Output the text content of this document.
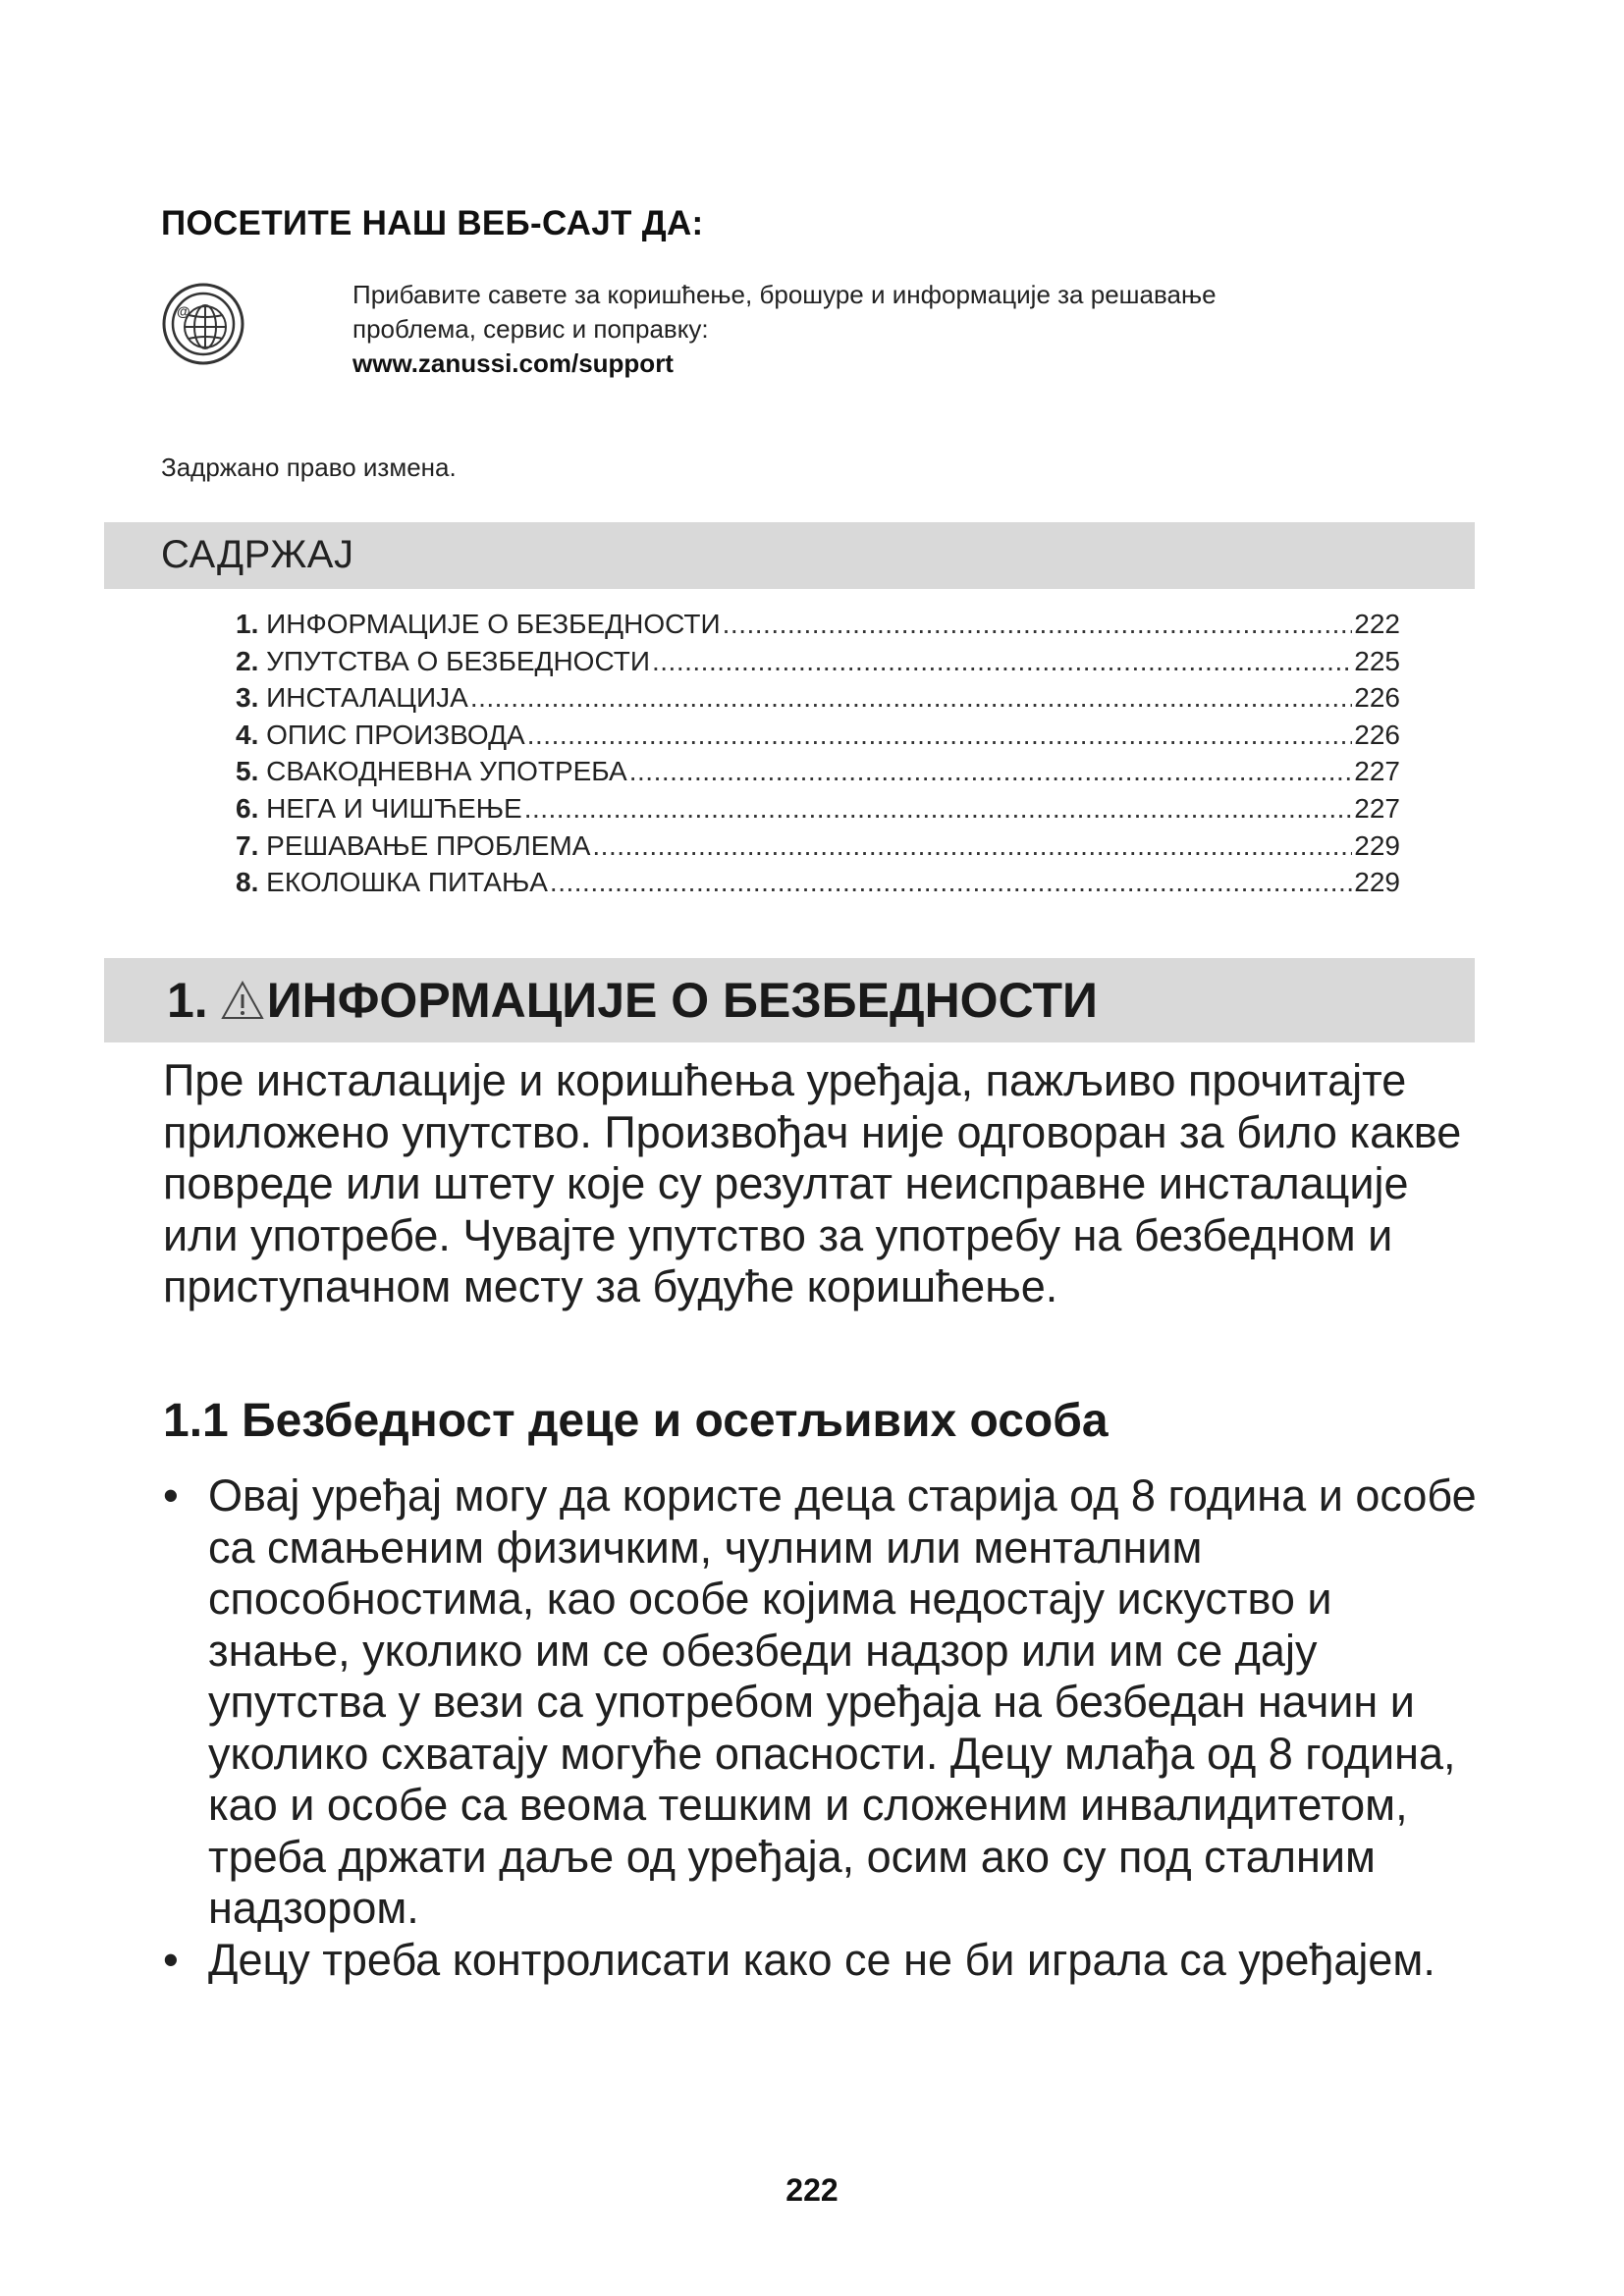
ПОСЕТИТЕ НАШ ВЕБ-САЈТ ДА:
@
Прибавите савете за коришћење, брошуре и информације за решавање
проблема, сервис и поправку:
www.zanussi.com/support
Задржано право измена.
САДРЖАЈ
1. ИНФОРМАЦИЈЕ О БЕЗБЕДНОСТИ .....	222
2. УПУТСТВА О БЕЗБЕДНОСТИ .....	225
3. ИНСТАЛАЦИЈА .....	226
4. ОПИС ПРОИЗВОДА .....	226
5. СВАКОДНЕВНА УПОТРЕБА .....	227
6. НЕГА И ЧИШЋЕЊЕ .....	227
7. РЕШАВАЊЕ ПРОБЛЕМА .....	229
8. ЕКОЛОШКА ПИТАЊА .....	229
1. ИНФОРМАЦИЈЕ О БЕЗБЕДНОСТИ
Пре инсталације и коришћења уређаја, пажљиво прочитајте приложено упутство. Произвођач није одговоран за било какве повреде или штету које су резултат неисправне инсталације или употребе. Чувајте упутство за употребу на безбедном и приступачном месту за будуће коришћење.
1.1 Безбедност деце и осетљивих особа
• Овај уређај могу да користе деца старија од 8 година и особе са смањеним физичким, чулним или менталним способностима, као особе којима недостају искуство и знање, уколико им се обезбеди надзор или им се дају упутства у вези са употребом уређаја на безбедан начин и уколико схватају могуће опасности. Децу млађа од 8 година, као и особе са веома тешким и сложеним инвалидитетом, треба држати даље од уређаја, осим ако су под сталним надзором.
• Децу треба контролисати како се не би играла са уређајем.
222
